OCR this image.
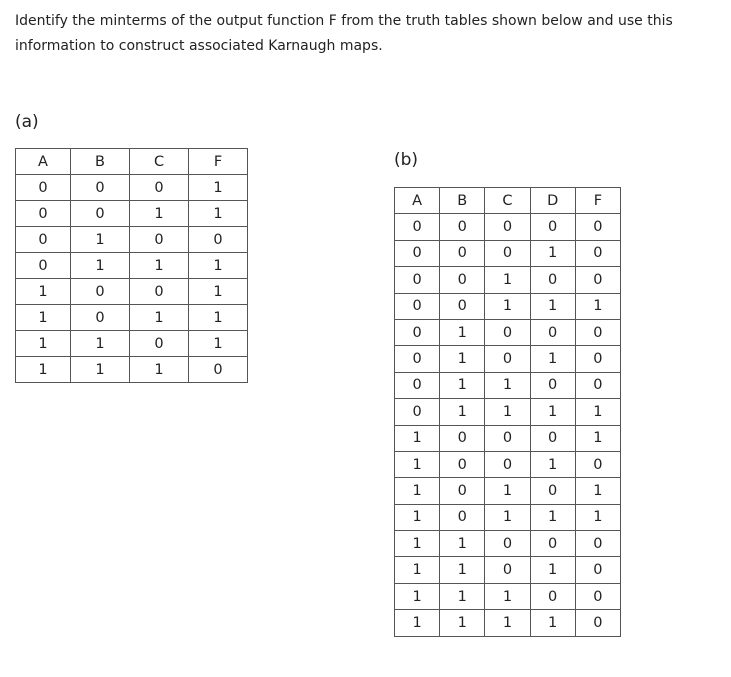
Identify the minterms of the output function F from the truth tables shown below and use this information to construct associated Karnaugh maps.

(a)
A	B	C	F
0	0	0	1
0	0	1	1
0	1	0	0
0	1	1	1
1	0	0	1
1	0	1	1
1	1	0	1
1	1	1	0
(b)
A	B	C	D	F
0	0	0	0	0
0	0	0	1	0
0	0	1	0	0
0	0	1	1	1
0	1	0	0	0
0	1	0	1	0
0	1	1	0	0
0	1	1	1	1
1	0	0	0	1
1	0	0	1	0
1	0	1	0	1
1	0	1	1	1
1	1	0	0	0
1	1	0	1	0
1	1	1	0	0
1	1	1	1	0
